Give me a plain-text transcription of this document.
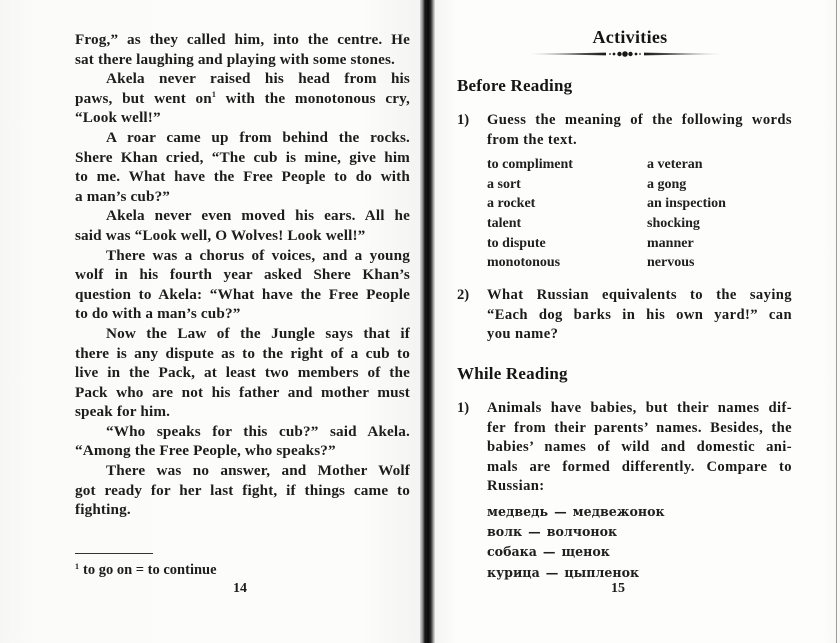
Frog,” as they called him, into the centre. He
sat there laughing and playing with some stones.
Akela never raised his head from his
paws, but went on$^1$ with the monotonous cry,
“Look well!”
A roar came up from behind the rocks.
Shere Khan cried, “The cub is mine, give him
to me. What have the Free People to do with
a man’s cub?”
Akela never even moved his ears. All he
said was “Look well, O Wolves! Look well!”
There was a chorus of voices, and a young
wolf in his fourth year asked Shere Khan’s
question to Akela: “What have the Free People
to do with a man’s cub?”
Now the Law of the Jungle says that if
there is any dispute as to the right of a cub to
live in the Pack, at least two members of the
Pack who are not his father and mother must
speak for him.
“Who speaks for this cub?” said Akela.
“Among the Free People, who speaks?”
There was no answer, and Mother Wolf
got ready for her last fight, if things came to
fighting.
$^1$ to go on = to continue
14
Activities
Before Reading
1) Guess the meaning of the following words
from the text.
to compliment	a veteran
a sort	a gong
a rocket	an inspection
talent	shocking
to dispute	manner
monotonous	nervous
2) What Russian equivalents to the saying
“Each dog barks in his own yard!” can
you name?
While Reading
1) Animals have babies, but their names dif-
fer from their parents’ names. Besides, the
babies’ names of wild and domestic ani-
mals are formed differently. Compare to
Russian:
медведь — медвежонок
волк — волчонок
собака — щенок
курица — цыпленок
15
